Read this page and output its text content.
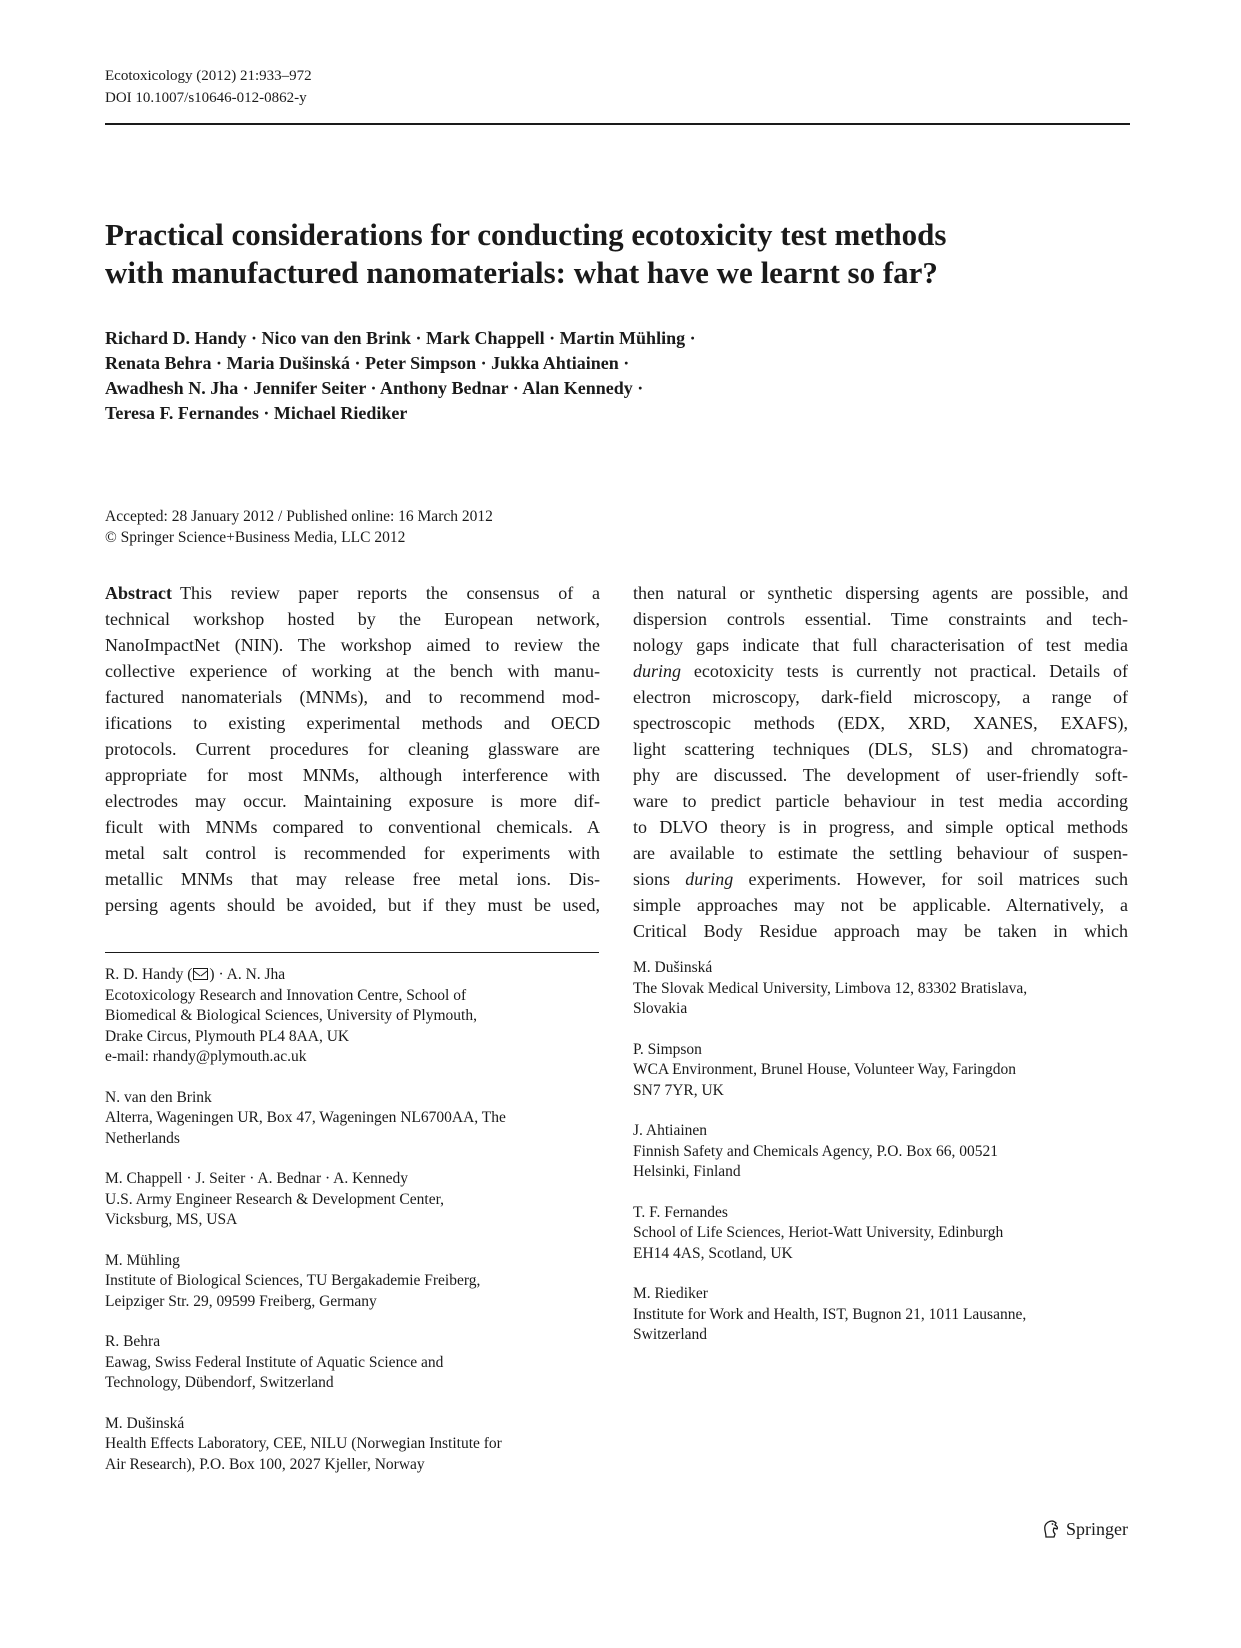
Ecotoxicology (2012) 21:933–972
DOI 10.1007/s10646-012-0862-y
Practical considerations for conducting ecotoxicity test methods
with manufactured nanomaterials: what have we learnt so far?
Richard D. Handy · Nico van den Brink · Mark Chappell · Martin Mühling ·
Renata Behra · Maria Dušinská · Peter Simpson · Jukka Ahtiainen ·
Awadhesh N. Jha · Jennifer Seiter · Anthony Bednar · Alan Kennedy ·
Teresa F. Fernandes · Michael Riediker
Accepted: 28 January 2012 / Published online: 16 March 2012
© Springer Science+Business Media, LLC 2012
Abstract This review paper reports the consensus of a
technical workshop hosted by the European network,
NanoImpactNet (NIN). The workshop aimed to review the
collective experience of working at the bench with manu-
factured nanomaterials (MNMs), and to recommend mod-
ifications to existing experimental methods and OECD
protocols. Current procedures for cleaning glassware are
appropriate for most MNMs, although interference with
electrodes may occur. Maintaining exposure is more dif-
ficult with MNMs compared to conventional chemicals. A
metal salt control is recommended for experiments with
metallic MNMs that may release free metal ions. Dis-
persing agents should be avoided, but if they must be used,
then natural or synthetic dispersing agents are possible, and
dispersion controls essential. Time constraints and tech-
nology gaps indicate that full characterisation of test media
during ecotoxicity tests is currently not practical. Details of
electron microscopy, dark-field microscopy, a range of
spectroscopic methods (EDX, XRD, XANES, EXAFS),
light scattering techniques (DLS, SLS) and chromatogra-
phy are discussed. The development of user-friendly soft-
ware to predict particle behaviour in test media according
to DLVO theory is in progress, and simple optical methods
are available to estimate the settling behaviour of suspen-
sions during experiments. However, for soil matrices such
simple approaches may not be applicable. Alternatively, a
Critical Body Residue approach may be taken in which
R. D. Handy ( ) · A. N. Jha
Ecotoxicology Research and Innovation Centre, School of
Biomedical & Biological Sciences, University of Plymouth,
Drake Circus, Plymouth PL4 8AA, UK
e-mail: rhandy@plymouth.ac.uk
N. van den Brink
Alterra, Wageningen UR, Box 47, Wageningen NL6700AA, The
Netherlands
M. Chappell · J. Seiter · A. Bednar · A. Kennedy
U.S. Army Engineer Research & Development Center,
Vicksburg, MS, USA
M. Mühling
Institute of Biological Sciences, TU Bergakademie Freiberg,
Leipziger Str. 29, 09599 Freiberg, Germany
R. Behra
Eawag, Swiss Federal Institute of Aquatic Science and
Technology, Dübendorf, Switzerland
M. Dušinská
Health Effects Laboratory, CEE, NILU (Norwegian Institute for
Air Research), P.O. Box 100, 2027 Kjeller, Norway
M. Dušinská
The Slovak Medical University, Limbova 12, 83302 Bratislava,
Slovakia
P. Simpson
WCA Environment, Brunel House, Volunteer Way, Faringdon
SN7 7YR, UK
J. Ahtiainen
Finnish Safety and Chemicals Agency, P.O. Box 66, 00521
Helsinki, Finland
T. F. Fernandes
School of Life Sciences, Heriot-Watt University, Edinburgh
EH14 4AS, Scotland, UK
M. Riediker
Institute for Work and Health, IST, Bugnon 21, 1011 Lausanne,
Switzerland
Springer
